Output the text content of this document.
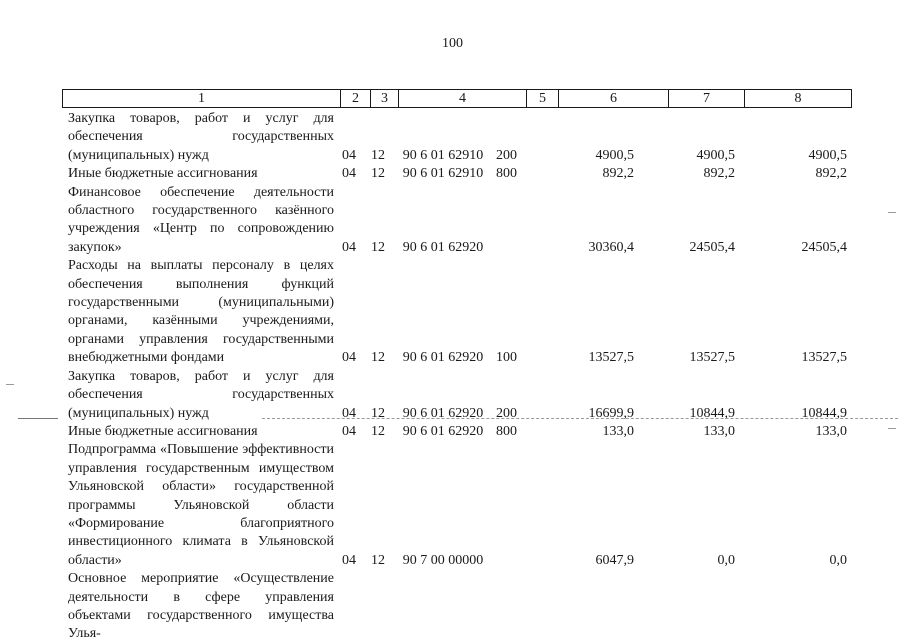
100
1	2	3	4	5	6	7	8
Закупка товаров, работ и услуг для обеспечения государственных (муниципальных) нужд	04	12	90 6 01 62910 200	4900,5	4900,5	4900,5
Иные бюджетные ассигнования	04	12	90 6 01 62910 800	892,2	892,2	892,2
Финансовое обеспечение деятельности областного государственного казённого учреждения «Центр по сопровождению закупок»	04	12	90 6 01 62920	30360,4	24505,4	24505,4
Расходы на выплаты персоналу в целях обеспечения выполнения функций государственными (муниципальными) органами, казёнными учреждениями, органами управления государственными внебюджетными фондами	04	12	90 6 01 62920 100	13527,5	13527,5	13527,5
Закупка товаров, работ и услуг для обеспечения государственных (муниципальных) нужд	04	12	90 6 01 62920 200	16699,9	10844,9	10844,9
Иные бюджетные ассигнования	04	12	90 6 01 62920 800	133,0	133,0	133,0
Подпрограмма «Повышение эффективности управления государственным имуществом Ульяновской области» государственной программы Ульяновской области «Формирование благоприятного инвестиционного климата в Ульяновской области»	04	12	90 7 00 00000	6047,9	0,0	0,0
Основное мероприятие «Осуществление деятельности в сфере управления объектами государственного имущества Улья-
